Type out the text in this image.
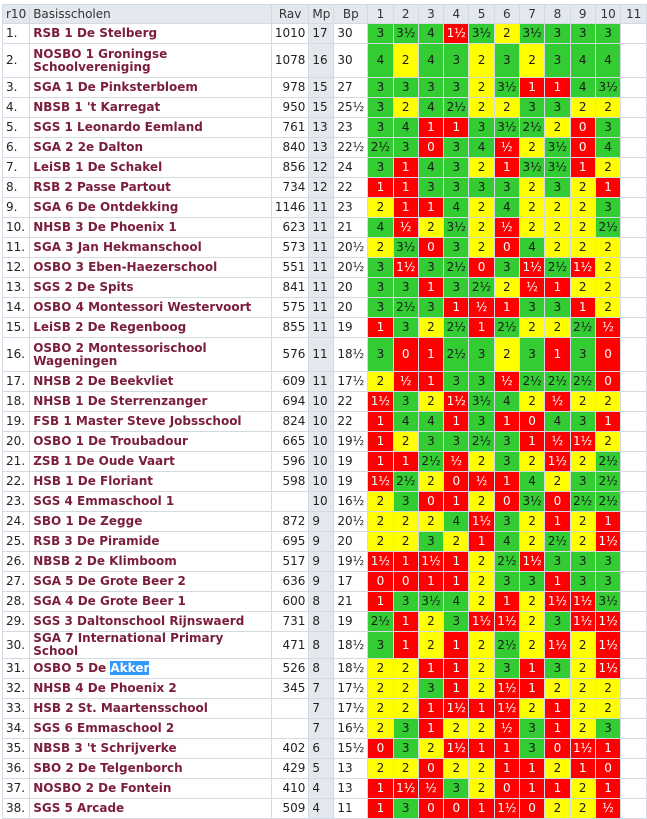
r10	Basisscholen	Rav	Mp	Bp	1	2	3	4	5	6	7	8	9	10	11
1.	RSB 1 De Stelberg	1010	17	30	3	3½	4	1½	3½	2	3½	3	3	3	
2.	NOSBO 1 Groningse Schoolvereniging	1078	16	30	4	2	4	3	2	3	2	3	4	4	
3.	SGA 1 De Pinksterbloem	978	15	27	3	3	3	3	2	3½	1	1	4	3½	
4.	NBSB 1 't Karregat	950	15	25½	3	2	4	2½	2	2	3	3	2	2	
5.	SGS 1 Leonardo Eemland	761	13	23	3	4	1	1	3	3½	2½	2	0	3	
6.	SGA 2 2e Dalton	840	13	22½	2½	3	0	3	4	½	2	3½	0	4	
7.	LeiSB 1 De Schakel	856	12	24	3	1	4	3	2	1	3½	3½	1	2	
8.	RSB 2 Passe Partout	734	12	22	1	1	3	3	3	3	2	3	2	1	
9.	SGA 6 De Ontdekking	1146	11	23	2	1	1	4	2	4	2	2	2	3	
10.	NHSB 3 De Phoenix 1	623	11	21	4	½	2	3½	2	½	2	2	2	2½	
11.	SGA 3 Jan Hekmanschool	573	11	20½	2	3½	0	3	2	0	4	2	2	2	
12.	OSBO 3 Eben-Haezerschool	551	11	20½	3	1½	3	2½	0	3	1½	2½	1½	2	
13.	SGS 2 De Spits	841	11	20	3	3	1	3	2½	2	½	1	2	2	
14.	OSBO 4 Montessori Westervoort	575	11	20	3	2½	3	1	½	1	3	3	1	2	
15.	LeiSB 2 De Regenboog	855	11	19	1	3	2	2½	1	2½	2	2	2½	½	
16.	OSBO 2 Montessorischool Wageningen	576	11	18½	3	0	1	2½	3	2	3	1	3	0	
17.	NHSB 2 De Beekvliet	609	11	17½	2	½	1	3	3	½	2½	2½	2½	0	
18.	NHSB 1 De Sterrenzanger	694	10	22	1½	3	2	1½	3½	4	2	½	2	2	
19.	FSB 1 Master Steve Jobsschool	824	10	22	1	4	4	1	3	1	0	4	3	1	
20.	OSBO 1 De Troubadour	665	10	19½	1	2	3	3	2½	3	1	½	1½	2	
21.	ZSB 1 De Oude Vaart	596	10	19	1	1	2½	½	2	3	2	1½	2	2½	
22.	HSB 1 De Floriant	598	10	19	1½	2½	2	0	½	1	4	2	3	2½	
23.	SGS 4 Emmaschool 1		10	16½	2	3	0	1	2	0	3½	0	2½	2½	
24.	SBO 1 De Zegge	872	9	20½	2	2	2	4	1½	3	2	1	2	1	
25.	RSB 3 De Piramide	695	9	20	2	2	3	2	1	4	2	2½	2	1½	
26.	NBSB 2 De Klimboom	517	9	19½	1½	1	1½	1	2	2½	1½	3	3	3	
27.	SGA 5 De Grote Beer 2	636	9	17	0	0	1	1	2	3	3	1	3	3	
28.	SGA 4 De Grote Beer 1	600	8	21	1	3	3½	4	2	1	2	1½	1½	3½	
29.	SGS 3 Daltonschool Rijnswaerd	731	8	19	2½	1	2	3	1½	1½	2	3	1½	1½	
30.	SGA 7 International Primary School	471	8	18½	3	1	2	1	2	2½	2	1½	2	1½	
31.	OSBO 5 De Akker	526	8	18½	2	2	1	1	2	3	1	3	2	1½	
32.	NHSB 4 De Phoenix 2	345	7	17½	2	2	3	1	2	1½	1	2	2	2	
33.	HSB 2 St. Maartensschool		7	17½	2	2	1	1½	1	1½	2	1	2	2	
34.	SGS 6 Emmaschool 2		7	16½	2	3	1	2	2	½	3	1	2	3	
35.	NBSB 3 't Schrijverke	402	6	15½	0	3	2	1½	1	1	3	0	1½	1	
36.	SBO 2 De Telgenborch	429	5	13	2	2	0	2	2	1	1	2	1	0	
37.	NOSBO 2 De Fontein	410	4	13	1	1½	½	3	2	0	1	1	2	1	
38.	SGS 5 Arcade	509	4	11	1	3	0	0	1	1½	0	2	2	½	
